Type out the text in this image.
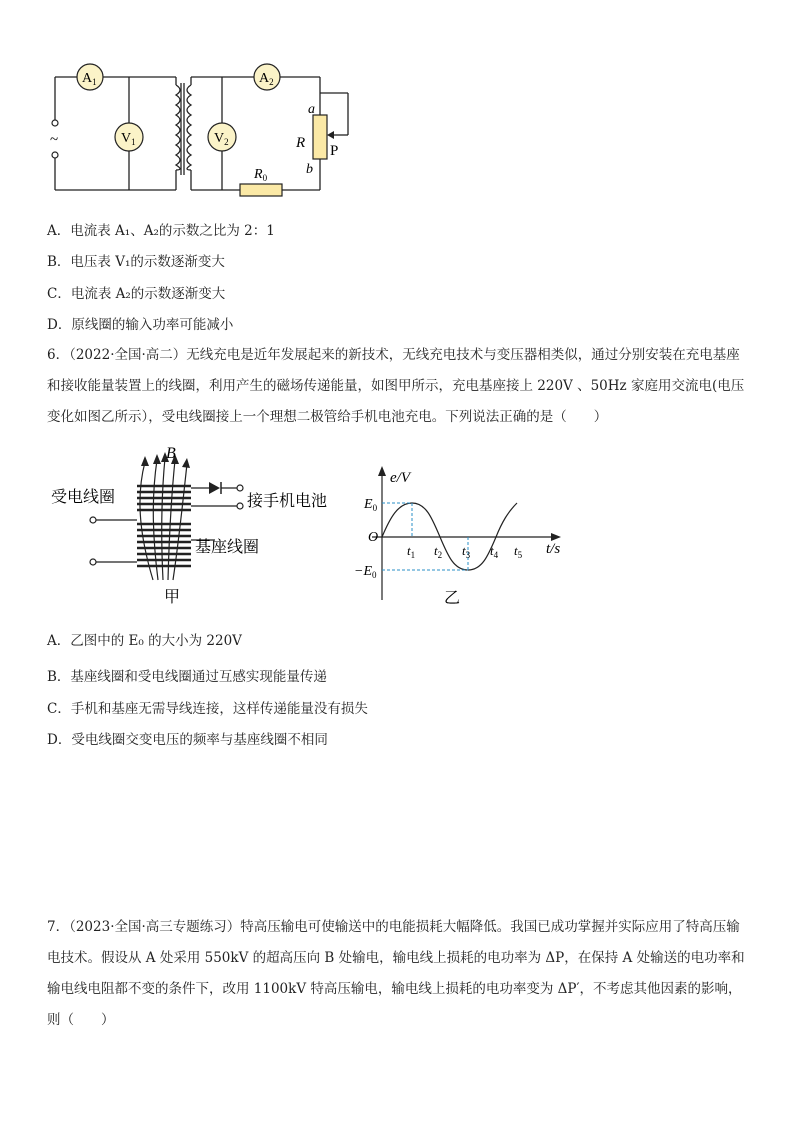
~
$A_1$	$A_2$
$V_1$	$V_2$
a
R
b
P
$R_0$
A．电流表 A₁、A₂的示数之比为 2：1
B．电压表 V₁的示数逐渐变大
C．电流表 A₂的示数逐渐变大
D．原线圈的输入功率可能减小
6．（2022·全国·高二）无线充电是近年发展起来的新技术，无线充电技术与变压器相类似，通过分别安装在充电基座和接收能量装置上的线圈，利用产生的磁场传递能量，如图甲所示，充电基座接上 220V 、50Hz 家庭用交流电(电压变化如图乙所示），受电线圈接上一个理想二极管给手机电池充电。下列说法正确的是（　　）
B
受电线圈	接手机电池
基座线圈
甲
e/V
$E_0$
O
$-E_0$
$t_1$ $t_2$ $t_3$ $t_4$ $t_5$ t/s
乙
A．乙图中的 E₀ 的大小为 220V
B．基座线圈和受电线圈通过互感实现能量传递
C．手机和基座无需导线连接，这样传递能量没有损失
D．受电线圈交变电压的频率与基座线圈不相同
7．（2023·全国·高三专题练习）特高压输电可使输送中的电能损耗大幅降低。我国已成功掌握并实际应用了特高压输电技术。假设从 A 处采用 550kV 的超高压向 B 处输电，输电线上损耗的电功率为 ΔP，在保持 A 处输送的电功率和输电线电阻都不变的条件下，改用 1100kV 特高压输电，输电线上损耗的电功率变为 ΔP′，不考虑其他因素的影响，则（　　）
